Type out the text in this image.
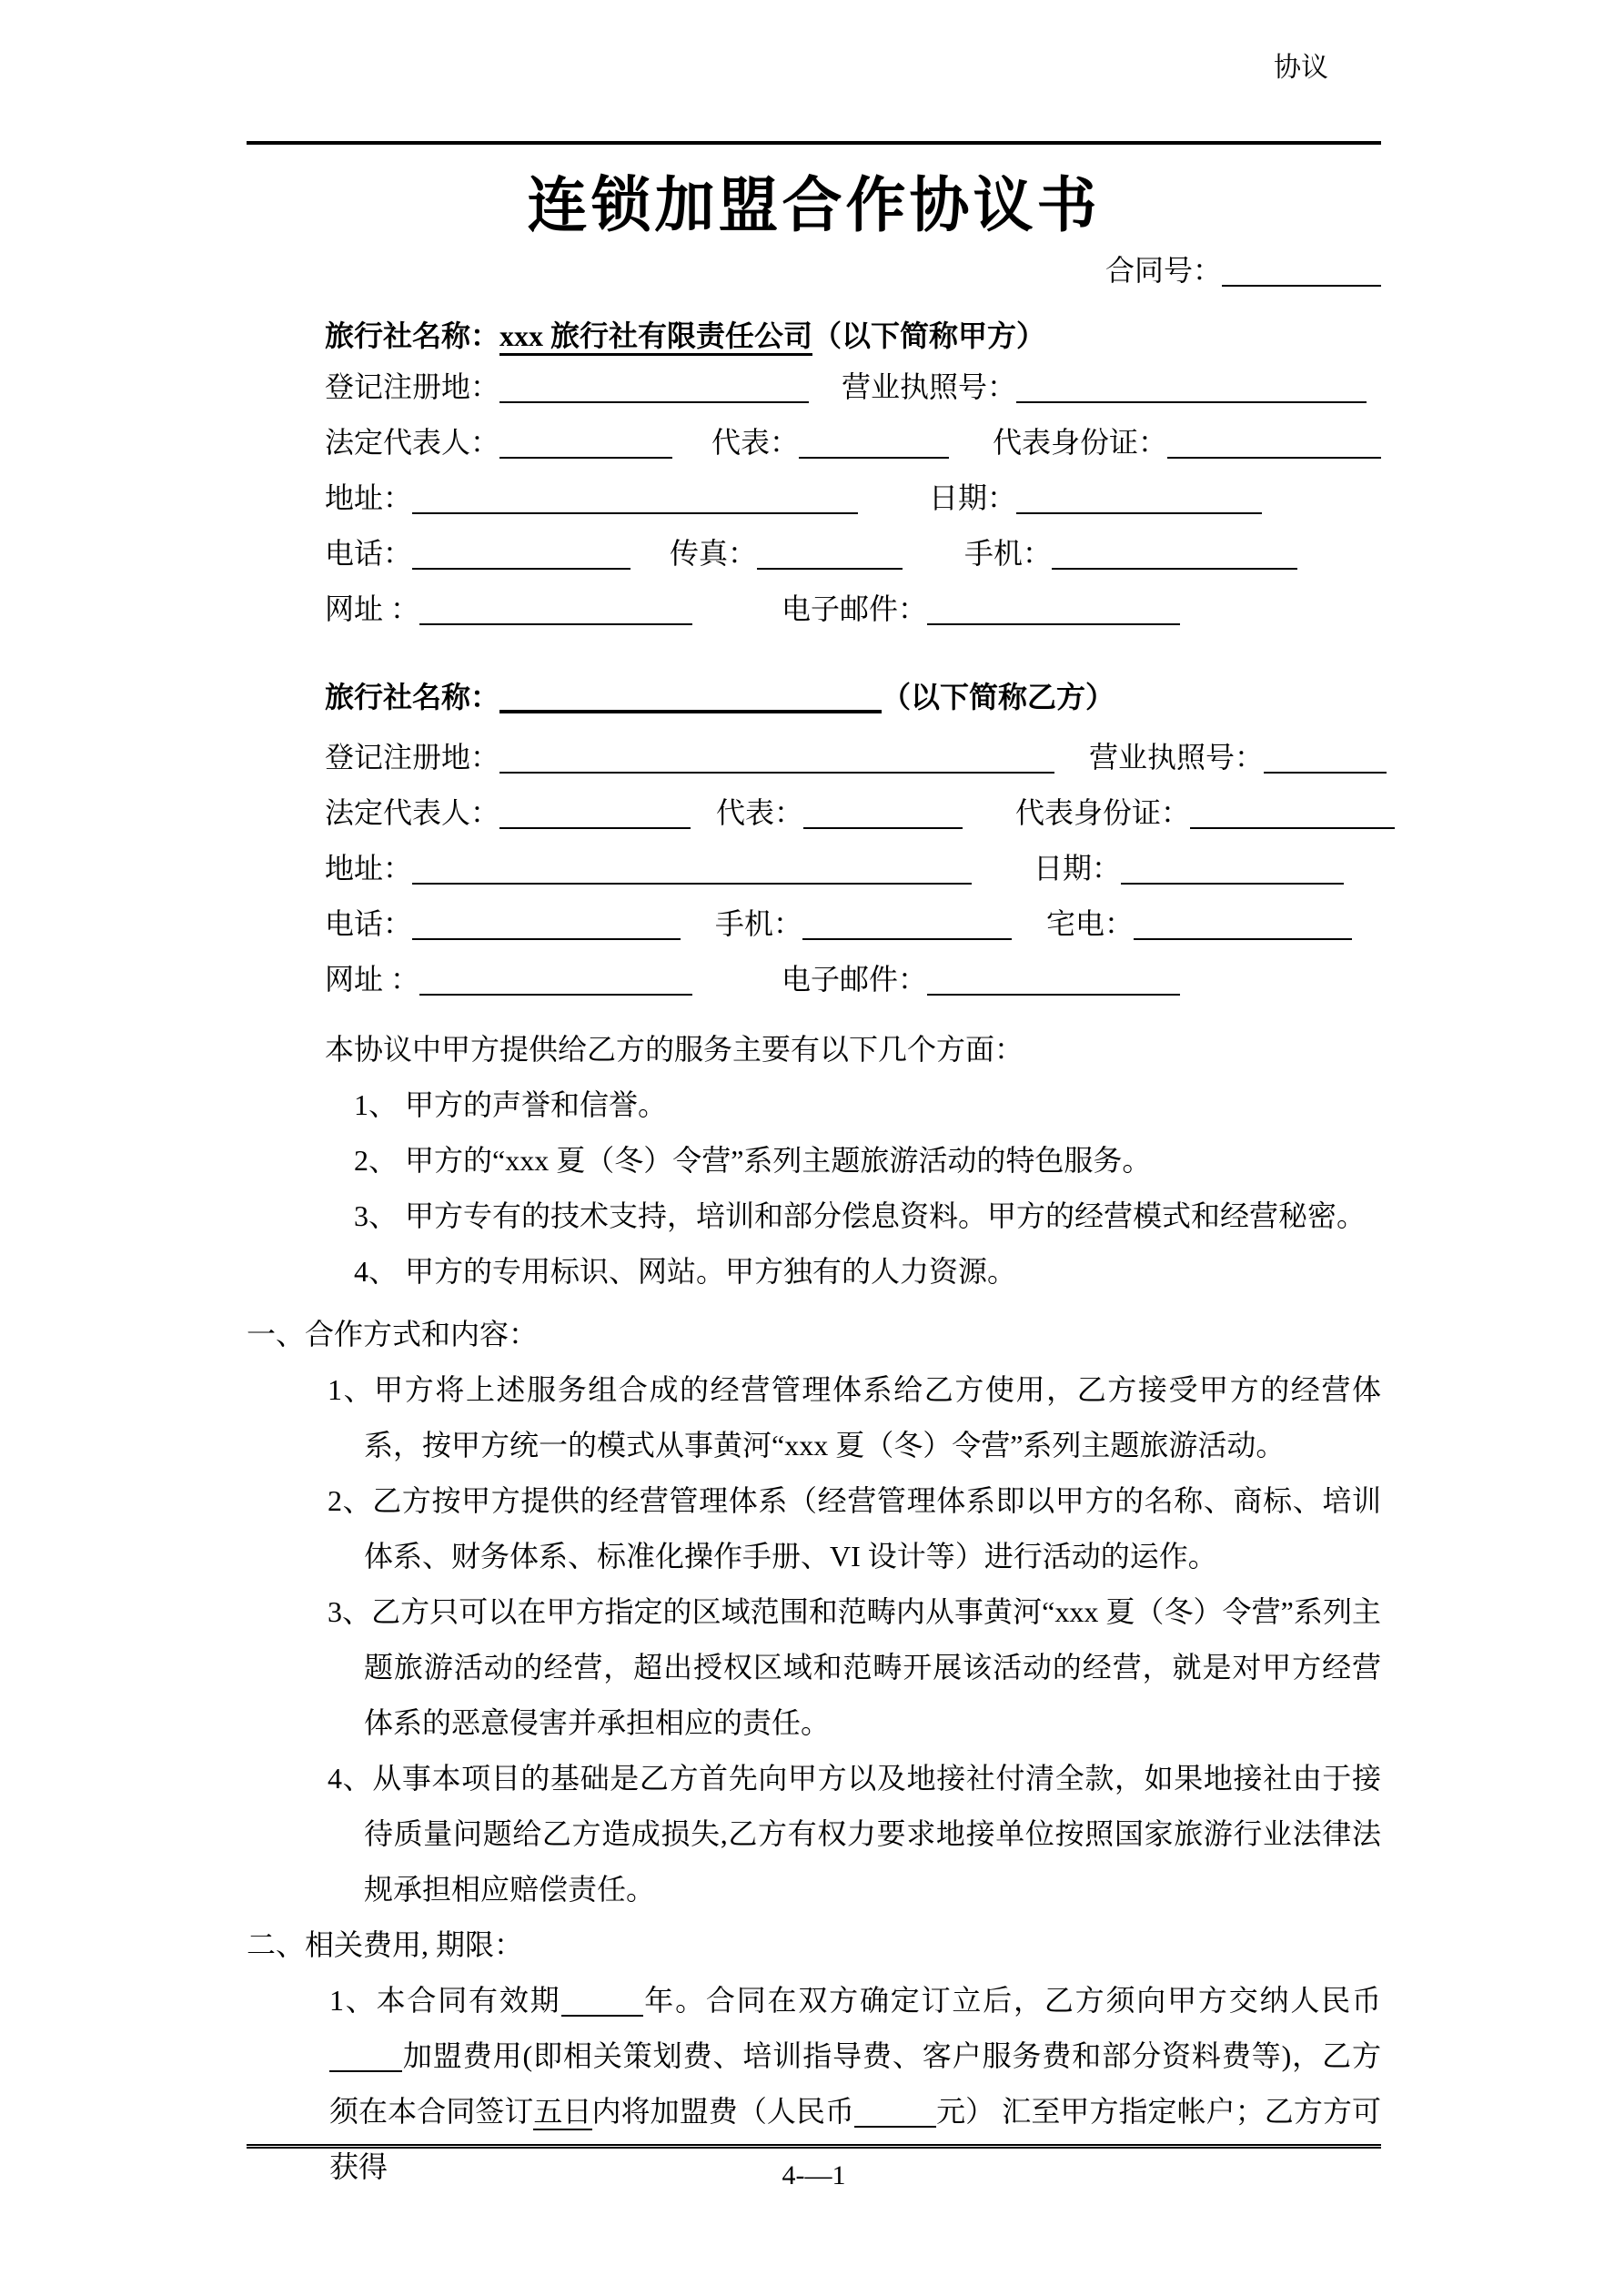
协议
连锁加盟合作协议书
合同号：
旅行社名称：xxx 旅行社有限责任公司（以下简称甲方）
登记注册地：	营业执照号：
法定代表人：	代表：	代表身份证：
地址：	日期：
电话：	传真：	手机：
网址 ：	电子邮件：
旅行社名称：	（以下简称乙方）
登记注册地：	营业执照号：
法定代表人：	代表：	代表身份证：
地址：	日期：
电话：	手机：	宅电：
网址 ：	电子邮件：

本协议中甲方提供给乙方的服务主要有以下几个方面：

1、 甲方的声誉和信誉。

2、 甲方的“xxx 夏（冬）令营”系列主题旅游活动的特色服务。

3、 甲方专有的技术支持，培训和部分偿息资料。甲方的经营模式和经营秘密。

4、 甲方的专用标识、网站。甲方独有的人力资源。

一、合作方式和内容：

1、甲方将上述服务组合成的经营管理体系给乙方使用，乙方接受甲方的经营体系，按甲方统一的模式从事黄河“xxx 夏（冬）令营”系列主题旅游活动。

2、乙方按甲方提供的经营管理体系（经营管理体系即以甲方的名称、商标、培训体系、财务体系、标准化操作手册、VI 设计等）进行活动的运作。

3、乙方只可以在甲方指定的区域范围和范畴内从事黄河“xxx 夏（冬）令营”系列主题旅游活动的经营，超出授权区域和范畴开展该活动的经营，就是对甲方经营体系的恶意侵害并承担相应的责任。

4、从事本项目的基础是乙方首先向甲方以及地接社付清全款，如果地接社由于接待质量问题给乙方造成损失,乙方有权力要求地接单位按照国家旅游行业法律法规承担相应赔偿责任。

二、相关费用, 期限：

1、本合同有效期	年。合同在双方确定订立后，乙方须向甲方交纳人民币加盟费用(即相关策划费、培训指导费、客户服务费和部分资料费等)，乙方须在本合同签订五日内将加盟费（人民币	元） 汇至甲方指定帐户；乙方方可获得	4-—1
